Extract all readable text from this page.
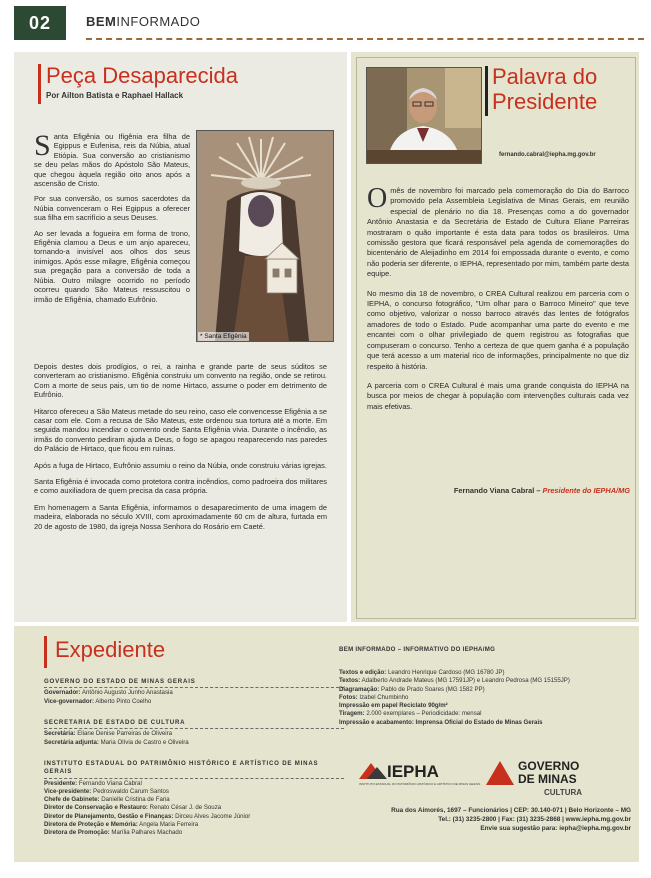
02	BEMINFORMADO
Peça Desaparecida
Por Ailton Batista e Raphael Hallack

Santa Efigênia ou Ifigênia era filha de Egippus e Eufenisa, reis da Núbia, atual Etiópia. Sua conversão ao cristianismo se deu pelas mãos do Apóstolo São Mateus, que chegou àquela região oito anos após a ascensão de Cristo.

Por sua conversão, os sumos sacerdotes da Núbia convenceram o Rei Egippus a oferecer sua filha em sacrifício a seus Deuses.

Ao ser levada a fogueira em forma de trono, Efigênia clamou a Deus e um anjo apareceu, tornando-a invisível aos olhos dos seus inimigos. Após esse milagre, Efigênia começou sua pregação para a conversão de toda a Núbia. Outro milagre ocorrido no período ocorreu quando São Mateus ressuscitou o irmão de Efigênia, chamado Eufrônio.

* Santa Efigênia

Depois destes dois prodígios, o rei, a rainha e grande parte de seus súditos se converteram ao cristianismo. Efigênia construiu um convento na região, onde se retirou. Com a morte de seus pais, um tio de nome Hirtaco, assume o poder em detrimento de Eufrônio.

Hitarco ofereceu a São Mateus metade do seu reino, caso ele convencesse Efigênia a se casar com ele. Com a recusa de São Mateus, este ordenou sua tortura até a morte. Em seguida mandou incendiar o convento onde Santa Efigênia vivia. Durante o incêndio, as irmãs do convento pediram ajuda a Deus, o fogo se apagou reaparecendo nas paredes do Palácio de Hirtaco, que ficou em ruínas.

Após a fuga de Hirtaco, Eufrônio assumiu o reino da Núbia, onde construiu várias igrejas.

Santa Efigênia é invocada como protetora contra incêndios, como padroeira dos militares e como auxiliadora de quem precisa da casa própria.

Em homenagem a Santa Efigênia, informamos o desaparecimento de uma imagem de madeira, elaborada no século XVIII, com aproximadamente 60 cm de altura, furtada em 20 de agosto de 1980, da igreja Nossa Senhora do Rosário em Caeté.

Palavra do
Presidente
fernando.cabral@iepha.mg.gov.br

O mês de novembro foi marcado pela comemoração do Dia do Barroco promovido pela Assembleia Legislativa de Minas Gerais, em reunião especial de plenário no dia 18. Presenças como a do governador Antônio Anastasia e da Secretária de Estado de Cultura Eliane Parreiras mostraram o quão importante é esta data para todos os brasileiros. Uma comissão gestora que ficará responsável pela agenda de comemorações do bicentenário de Aleijadinho em 2014 foi empossada durante o evento, e como não poderia ser diferente, o IEPHA, representado por mim, também parte desta equipe.

No mesmo dia 18 de novembro, o CREA Cultural realizou em parceria com o IEPHA, o concurso fotográfico, "Um olhar para o Barroco Mineiro" que teve como objetivo, valorizar o nosso barroco através das lentes de fotógrafos amadores de todo o Estado. Pude acompanhar uma parte do evento e me encantei com o olhar privilegiado de quem registrou as fotografias que compuseram o concurso. Tenho a certeza de que quem ganha é a população que terá acesso a um material rico de informações, principalmente no que diz respeito à história.

A parceria com o CREA Cultural é mais uma grande conquista do IEPHA na busca por meios de chegar à população com intervenções culturais cada vez mais efetivas.

Fernando Viana Cabral – Presidente do IEPHA/MG
Expediente
GOVERNO DO ESTADO DE MINAS GERAIS
Governador: Antônio Augusto Junho Anastasia
Vice-governador: Alberto Pinto Coelho
SECRETARIA DE ESTADO DE CULTURA
Secretária: Eliane Denise Parreiras de Oliveira
Secretária adjunta: Maria Olívia de Castro e Oliveira
INSTITUTO ESTADUAL DO PATRIMÔNIO HISTÓRICO E ARTÍSTICO DE MINAS GERAIS
Presidente: Fernando Viana Cabral
Vice-presidente: Pedroswaldo Carum Santos
Chefe de Gabinete: Danielle Cristina de Faria
Diretor de Conservação e Restauro: Renato César J. de Souza
Diretor de Planejamento, Gestão e Finanças: Dirceu Alves Jacome Júnior
Diretora de Proteção e Memória: Angela Maria Ferreira
Diretora de Promoção: Marília Palhares Machado
BEM INFORMADO – INFORMATIVO DO IEPHA/MG
Textos e edição: Leandro Henrique Cardoso (MG 16780 JP)
Textos: Adalberto Andrade Mateus (MG 17591JP) e Leandro Pedrosa (MG 15155JP)
Diagramação: Pablo de Prado Soares (MG 1582 PP)
Fotos: Izabel Chumbinho
Impressão em papel Reciclato 90g/m²
Tiragem: 2.000 exemplares – Periodicidade: mensal
Impressão e acabamento: Imprensa Oficial do Estado de Minas Gerais
IEPHA
INSTITUTO ESTADUAL DO PATRIMÔNIO HISTÓRICO E ARTÍSTICO DE MINAS GERAIS
GOVERNO
DE MINAS
CULTURA
Rua dos Aimorés, 1697 – Funcionários | CEP: 30.140-071 | Belo Horizonte – MG
Tel.: (31) 3235-2800 | Fax: (31) 3235-2868 | www.iepha.mg.gov.br
Envie sua sugestão para: iepha@iepha.mg.gov.br
